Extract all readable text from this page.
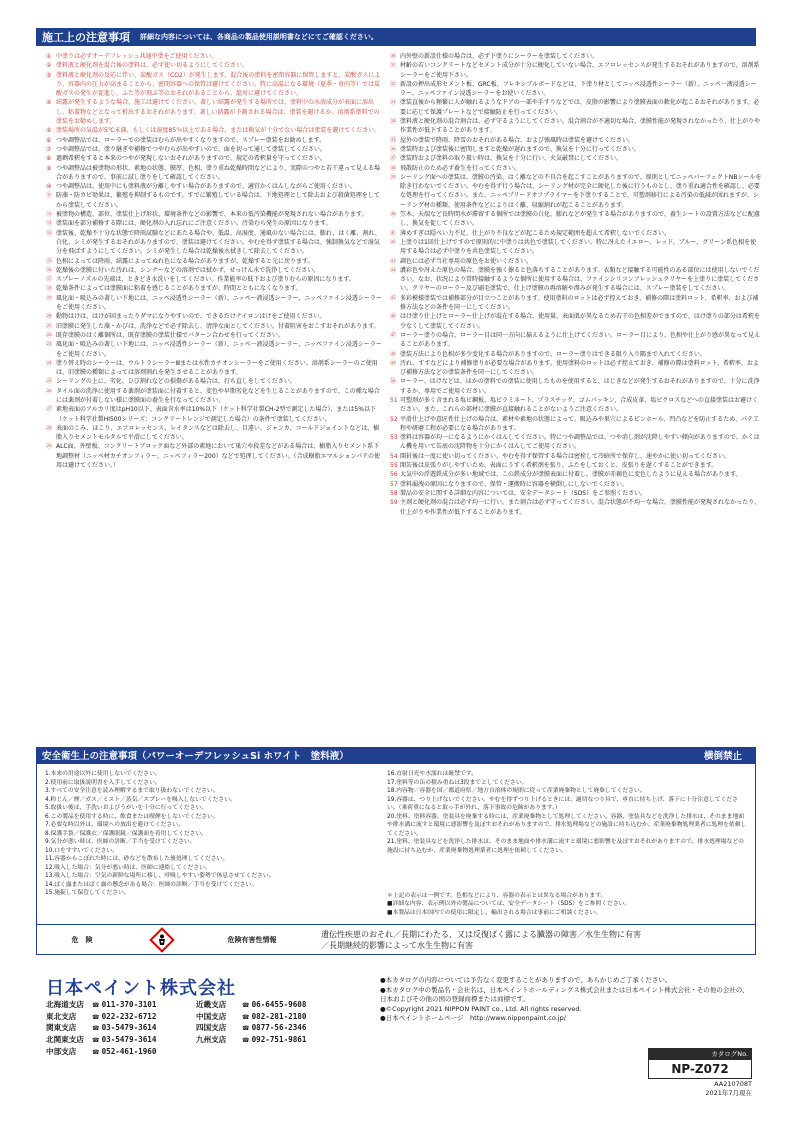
施工上の注意事項 詳細な内容については、各商品の製品使用説明書などにてご確認ください。
① 中塗りは必ずオーデフレッシュ共通中塗をご使用ください。
② 塗料液と硬化剤を混合後の塗料は、必ず使い切るようにしてください。
③ 塗料液と硬化剤の反応に伴い、炭酸ガス（CO2）が発生します。混合後の塗料を密閉容器に保管しますと、炭酸ガスにより、容器内の圧力が高まることから、密閉容器への保管は避けてください。特に高温になる環境（夏季・車内等）では炭酸ガスの発生が促進し、ふた等が飛ぶ等のおそれがあることから、絶対に避けてください。
④ 結露が発生するような場合、施工は避けてください。著しい結露が発生する場所では、塗料中の水溶成分が表面に溶出し、粘着物などとなって析出するおそれがあります。著しい結露が予測される場合は、塗装を避けるか、溶剤系塗料での塗装をお勧めします。
⑤ 塗装場所の気温が5℃未満、もしくは湿度85％以上である場合、または換気が十分でない場合は塗装を避けてください。
⑥ つや調整品では、ローラーでの塗装はむらが出やすくなりますので、スプレー塗装をお勧めします。
⑦ つや調整品では、塗り継ぎや補修でつやむらが出やすいので、面を切って通して塗装してください。
⑧ 過剰希釈をすると本来のつやが発現しないおそれがありますので、規定の希釈量を守ってください。
⑨ つや調整品は被塗物の形状、素地の状態、膜厚、色相、塗り重ね乾燥時間などにより、実際のつやと若干違って見える場合がありますので、事前に試し塗りをして確認してください。
⑩ つや調整品は、使用中にも塗料液が分離しやすい場合がありますので、適宜かくはんしながらご使用ください。
⑪ 防藻・防カビ効果は、繁殖を抑制するものです。すでに繁殖している場合は、下地処理として除去および殺菌処理をしてから塗装してください。
⑫ 被塗物の構造、部位、塗装仕上げ形状、環境条件などの影響で、本来の低汚染機能が発現されない場合があります。
⑬ 塗装面を部分補修する際には、硬化剤の入れ忘れにご注意ください。汚染むら発生の原因になります。
⑭ 塗装後、乾燥不十分な状態で降雨試験などにあたる場合や、低温、高湿度、通風のない場合には、膨れ、はく離、割れ、白化、シミが発生するおそれがありますので、塗装は避けてください。やむを得ず塗装する場合は、強制換気などで湿気分を飛ばすようにしてください。シミが発生した場合は乾燥後水拭きして除去してください。
⑮ 色相によっては降雨、結露によってぬれ色になる場合がありますが、乾燥すると元に戻ります。
⑯ 乾燥後の塗膜に付いた汚れは、シンナーなどの溶剤では拭かず、せっけん水で洗浄してください。
⑰ スプレーノズルの先端は、ときどき水洗いをしてください。作業能率の低下および塗りむらの原因になります。
⑱ 乾燥条件によっては塗膜面に粘着を感じることがありますが、時間とともになくなります。
⑲ 風化面・吸込みの著しい下地には、ニッペ浸透性シーラー（新）、ニッペー液浸透シーラー、ニッペファイン浸透シーラーをご使用ください。
⑳ 動物はけは、はけが固まったりダマになりやすいので、できるだけナイロンはけをご使用ください。
㉑ 旧塗膜に発生した藻・かびは、洗浄などで必ず除去し、清浄な面としてください。付着阻害をおこすおそれがあります。
㉒ 既存塗膜のはく離個所は、既存塗膜の塗装仕様でパターン合わせを行ってください。
㉓ 風化面・吸込みの著しい下地には、ニッペ浸透性シーラー（新）、ニッペ一液浸透シーラー、ニッペファイン浸透シーラーをご使用ください。
㉔ 塗り替え時のシーラーは、ウルトラシーラーⅢまたは水性カチオンシーラーをご使用ください。溶剤系シーラーのご使用は、旧塗膜の種類によっては溶剤割れを発生させることがあります。
㉕ シーリングの上に、劣化、ひび割れなどの損傷がある場合は、打ち直しをしてください。
㉖ タイル面の洗浄に使用する薬剤が塗装面に付着すると、変色や早期劣化などを生じることがありますので、この種な場合には薬剤が付着しない様に塗膜面の養生を行なってください。
㉗ 素地表面のアルカリ度はpH10以下、表面含水率は10%以下（ケット科学社製CH-2型で測定した場合）、または5%以下（ケット科学社製HI500シリーズ：コンクリートレンジで測定した場合）の条件で塗装してください。
㉘ 表面のこみ、ほこり、エフロレッセンス、レイタンスなどは除去し、目違い、ジャンカ、コールドジョイントなどは、樹脂入りセメントモルタルで平滑にしてください。
㉙ ALC面、外壁板、コンクリートブロック面など外部の素地において巣穴や段差などがある場合は、樹脂入りセメント系下地調整材（ニッペ材カチオンフィラー、ニッペフィラー200）などで処理してください。（合成樹脂エマルションパテの使用は避けてください。）
㉚ 内外壁の新設仕様の場合は、必ず下塗りにシーラーを塗装してください。
㉛ 材齢の若いコンクリートなどセメント成分が十分に硬化していない場合、エフロレッセンスが発生するおそれがありますので、溶剤系シーラーをご使用下さい。
㉜ 新設の押出成形セメント板、GRC板、フレキシブルボードなどは、下塗り材としてニッペ浸透性シーラー（新）、ニッペ一液浸透シーラー、ニッペファイン浸透シーラーをお使いください。
㉝ 塗装直後から頻繁に人が触れるようなドアの一部や手すりなどでは、皮脂の影響により塗膜表面の軟化が起こるおそれがあります。必要に応じて保護プレートなどで接触防止を行ってください。
㉞ 塗料液と硬化剤の混合割合は、必ず守るようにしてください。混合割合が不適切な場合、塗膜性能が発現されなかったり、仕上がりや作業性が低下することがあります。
㉟ 屋外の塗装で降雨、降雪のおそれがある場合、および強風時は塗装を避けてください。
㊱ 塗装時および塗装後に密閉しますと乾燥が遅れますので、換気を十分に行ってください。
㊲ 塗装時および塗料の取り扱い時は、換気を十分に行い、火気厳禁にしてください。
㊳ 飛散防止のため必ず養生を行ってください。
㊴ シーリング面への塗装は、塗膜の汚染、はく離などの不具合を起こすことがありますので、原則としてニッペパーフェクトNBシールを除き行わないでください。やむを得ず行う場合は、シーリング材が完全に硬化した後に行うものとし、塗り重ね適合性を確認し、必要な処理を行ってください。また、ニッペプリードオフプライマーを下塗りすることで、可塑剤移行による汚染の低減が図れますが、シーリング材の種類、使用条件などによりはく離、収縮割れが起こることがあります。
㊵ 笠木、天端など長時間水が滞留する個所では塗膜の白化、膨れなどが発生する場合がありますので、養生シートの設置方法などに配慮し、換気を促してください。
㊶ 薄めすぎは隠ぺい力不足、仕上がり不良などが起こるため規定範囲を超えて希釈しないでください。
㊷ 上塗りは1回仕上げですので原則的に中塗りは共色で塗装してください。特に冴えたイエロー、レッド、ブルー、グリーン系色相を使用する場合は必ず中塗りを共色塗装してください。
㊸ 調色には必ず当社専用の原色をお使いください。
㊹ 濃彩色や冴えた原色の場合、塗膜を強く擦ると色落ちすることがあります。衣類など接触する可能性のある部位には使用しないでください。なお、状況により常時接触するような個所に使用する場合は、ファインシリコンフレッシュクリヤーを上塗りに塗装してください。クリヤーのローラー及び刷毛塗装で、仕上げ塗膜の再溶解や滲みが発生する場合には、スプレー塗装をしてください。
㊺ 多彩模様塗装では補修部分が目立つことがあります。使用塗料のロットは必ず控えておき、補修の際は塗料ロット、希釈率、および補修方法などの条件を同一にしてください。
㊻ はけ塗り仕上げとローラー仕上げが混在する場合、使用量、表面肌が異なるため若干の色相差がでますので、はけ塗りの部分は希釈を少なくして塗装してください。
㊼ ローラー塗りの場合、ローラー目は同一方向に揃えるように仕上げてください。ローラー目により、色相や仕上がり感が異なって見えることがあります。
㊽ 塗装方法により色相が多少変化する場合がありますので、ローラー塗りはできる限り入り隅まで入れてください。
㊾ 汚れ、すすなどにより補修塗りが必要な場合があります。使用塗料のロットは必ず控えておき、補修の際は塗料ロット、希釈率、および補修方法などの塗装条件を同一にしてください。
㊿ ローラー、はけなどは、ほかの塗料での塗装に使用したものを使用すると、はじきなどが発生するおそれがありますので、十分に洗浄するか、専用でご使用ください。
51 可塑剤が多く含まれる塩ビ鋼板、塩ビラミネート、プラスチック、ゴムパッキン、合成皮革、塩ビクロスなどへの直接塗装はお避けください。また、これらの部材に塗膜が直接触れることがないようご注意ください。
52 平滑仕上げや意匠性仕上げの場合は、素材や素地の状態によって、吸込みや巣穴によるピンホール、凹凸などを防止するため、パテ工程や研磨工程が必要になる場合があります。
53 塗料は容器が均一になるようにかくはんしてください。特につや調整品では、つや消し剤が沈降しやすい傾向がありますので、かくはん機を用いて缶底の沈降物を十分にかくはんしてご使用ください。
54 開封後は一度に使い切ってください。やむを得ず保管する場合は密栓して冷暗所で保存し、速やかに使い切ってください。
55 開缶後は皮張りがしやすいため、表面にうすく希釈剤を張り、ふたをしておくと、皮張りを遅くすることができます。
56 大気中の浮遊鉄成分が多い地域では、この鉄成分が塗膜表面に付着し、塗膜が赤褐色に変色したように見える場合があります。
57 塗料漏洩の原因になりますので、保管・運搬時に容器を横倒しにしないでください。
58 製品の安全に関する詳細な内容については、安全データシート（SDS）をご参照ください。
59 主剤と硬化剤の混合は必ず均一に行い、また割合は必ず守ってください。混合状態が不均一な場合、塗膜性能が発現されなかったり、仕上がりや作業性が低下することがあります。
安全衛生上の注意事項（パワーオーデフレッシュSi ホワイト　塗料液）	横倒禁止
1.本来の用途以外に使用しないでください。
2.使用前に取扱説明書を入手してください。
3.すべての安全注意を読み理解するまで取り扱わないでください。
4.粉じん／煙／ガス／ミスト／蒸気／スプレーを吸入しないでください。
5.取扱い後は、手洗いおよびうがいを十分に行ってください。
6.この製品を使用する時に、飲食または喫煙をしないでください。
7.必要な時以外は、環境への放出を避けてください。
8.保護手袋／保護衣／保護眼鏡／保護面を着用してください。
9.気分が悪い時は、医師の診断／手当を受けてください。
10.口をすすいでください。
11.容器からこぼれた時には、砂などを散布した後処理してください。
12.吸入した場合：気分が悪い時は、医師に連絡してください。
13.吸入した場合：空気の新鮮な場所に移し、呼吸しやすい姿勢で休息させてください。
14.ばく露またはばく露の懸念がある場合：医師の診断／手当を受けてください。
15.施錠して保管してください。
16.直射日光や水濡れは厳禁です。
17.塗料等の缶の積み重ねは3段までとしてください。
18.内容物／容器を国／都道府県／地方自治体の規則に従って産業廃棄物として廃棄してください。
19.容器は、つり上げないでください。やむを得ずつり上げるときには、適切なつり具で、垂直に持ち上げ、落下に十分注意してください。（乗荷重になると取っ手が外れ、落下事故の危険があります。）
20.塗料、塗料容器、塗装具を廃棄する時には、産業廃棄物として処理してください。容器、塗装具などを洗浄した排水は、そのまま地面や排水溝に流すと環境に悪影響を及ぼすおそれがありますので、排水処理場などの施設に持ち込むか、産業廃棄物処理業者に処理を依頼してください。
21.塗料、塗装具などを洗浄した排水は、そのまま地面や排水溝に流すと環境に悪影響を及ぼすおそれがありますので、排水処理場などの施設に持ち込むか、産業廃棄物処理業者に処理を依頼してください。
＊上記の表示は一例です。色相などにより、容器の表示とは異なる場合があります。
■詳細な内容、表示例以外の製品については、安全データシート（SDS）をご参照ください。
■本製品は日本国内での使用に限定し、輸出される場合は事前にご相談ください。
危　険	危険有害性情報
遺伝性疾患のおそれ／長期にわたる、又は反復ばく露による臓器の障害／水生生物に有害
／長期継続的影響によって水生生物に有害
日本ペイント株式会社
北海道支店	☎ 011-370-3101	近畿支店	☎ 06-6455-9608
東北支店	☎ 022-232-6712	中国支店	☎ 082-281-2180
関東支店	☎ 03-5479-3614	四国支店	☎ 0877-56-2346
北関東支店	☎ 03-5479-3614	九州支店	☎ 092-751-9861
中部支店	☎ 052-461-1960
●本カタログの内容については予告なく変更することがありますので、あらかじめご了承ください。
●本カタログ中の製品名・会社名は、日本ペイントホールディングス株式会社または日本ペイント株式会社・その他の会社の、日本およびその他の国の登録商標または商標です。
●©Copyright 2021 NIPPON PAINT co., Ltd. All rights reserved.
●日本ペイントホームページ　http://www.nipponpaint.co.jp/
カタログNo.
NP-Z072
AA210708T
2021年7月現在
